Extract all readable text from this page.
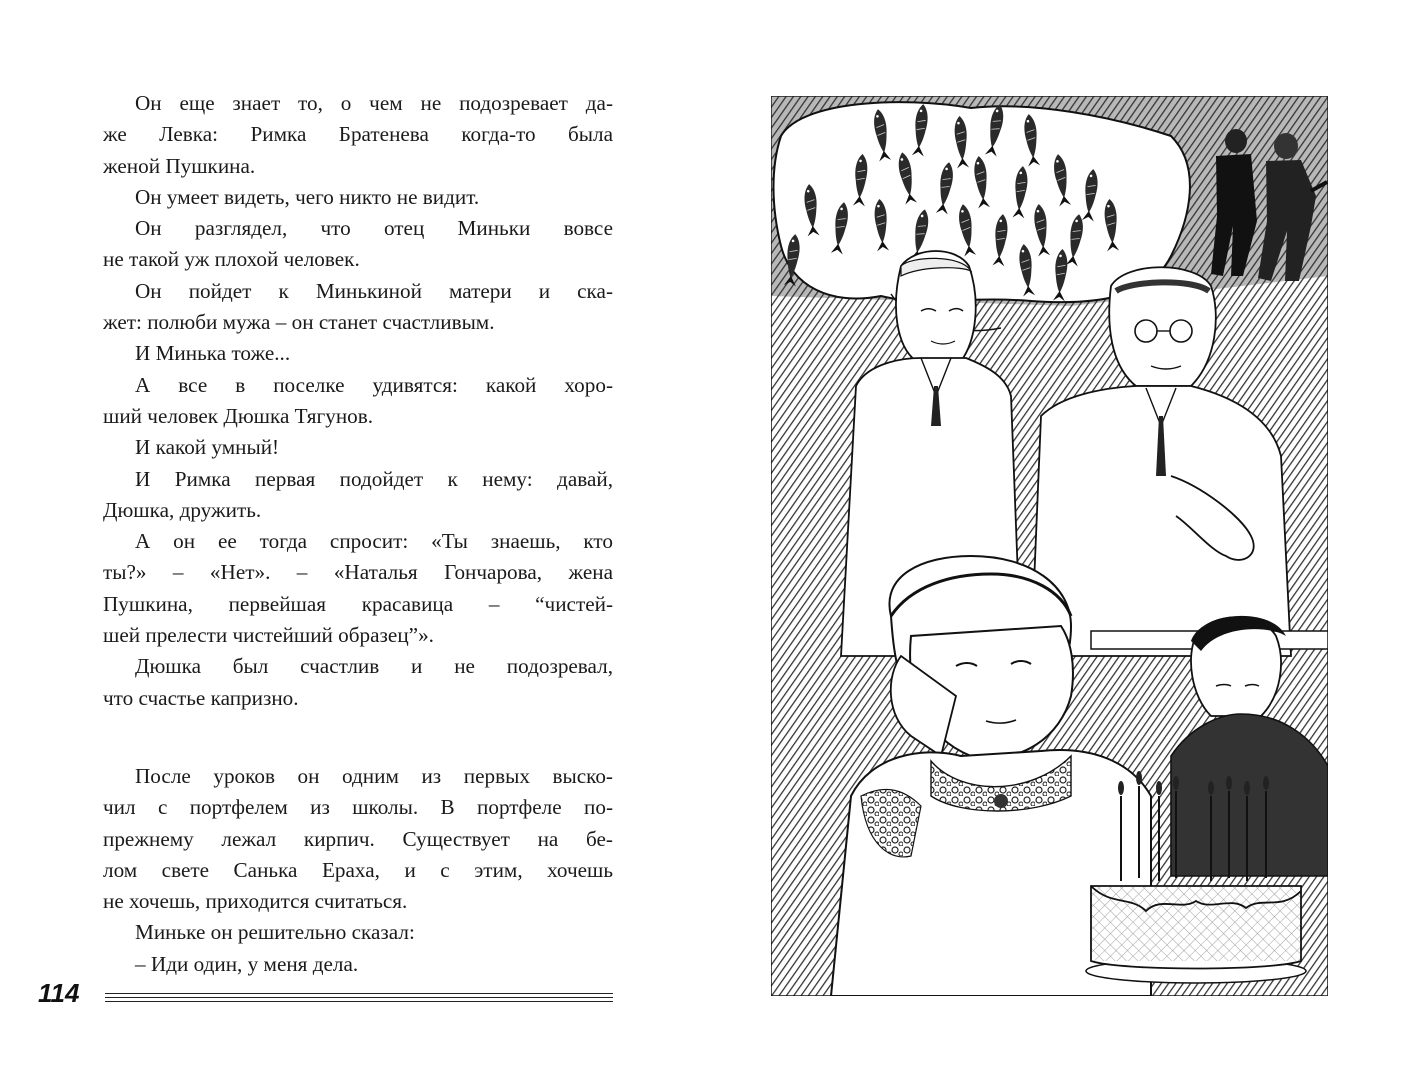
Он еще знает то, о чем не подозревает да-
же Левка: Римка Братенева когда-то была
женой Пушкина.
Он умеет видеть, чего никто не видит.
Он разглядел, что отец Миньки вовсе
не такой уж плохой человек.
Он пойдет к Минькиной матери и ска-
жет: полюби мужа – он станет счастливым.
И Минька тоже...
А все в поселке удивятся: какой хоро-
ший человек Дюшка Тягунов.
И какой умный!
И Римка первая подойдет к нему: давай,
Дюшка, дружить.
А он ее тогда спросит: «Ты знаешь, кто
ты?» – «Нет». – «Наталья Гончарова, жена
Пушкина, первейшая красавица – “чистей-
шей прелести чистейший образец”».
Дюшка был счастлив и не подозревал,
что счастье капризно.
После уроков он одним из первых выско-
чил с портфелем из школы. В портфеле по-
прежнему лежал кирпич. Существует на бе-
лом свете Санька Ераха, и с этим, хочешь
не хочешь, приходится считаться.
Миньке он решительно сказал:
– Иди один, у меня дела.
114
